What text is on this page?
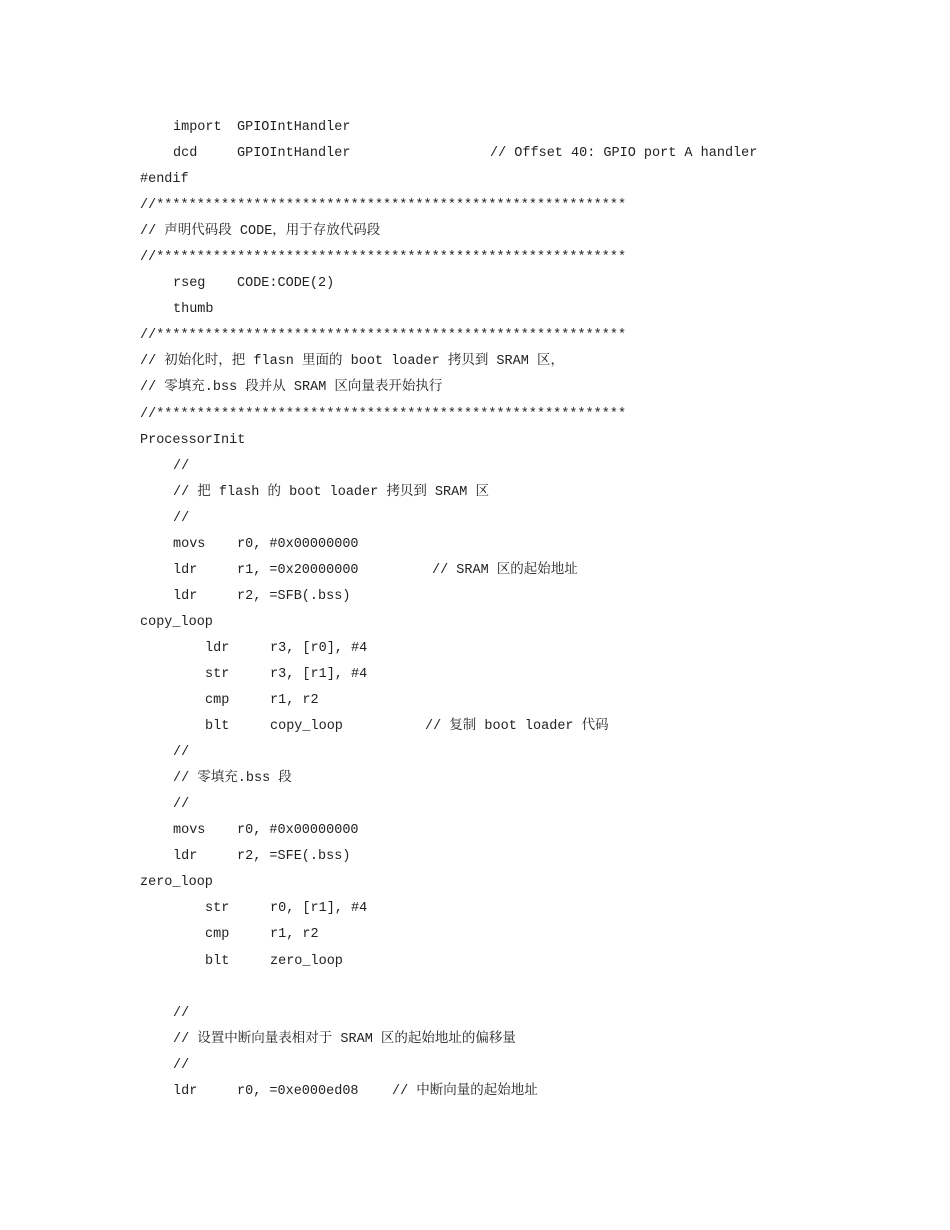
import GPIOIntHandler
dcd	GPIOIntHandler	// Offset 40: GPIO port A handler
#endif
//**********************************************************
// 声明代码段 CODE，用于存放代码段
//**********************************************************
rseg CODE:CODE(2)
thumb
//**********************************************************
// 初始化时，把 flasn 里面的 boot loader 拷贝到 SRAM 区，
// 零填充.bss 段并从 SRAM 区向量表开始执行
//**********************************************************
ProcessorInit
//
// 把 flash 的 boot loader 拷贝到 SRAM 区
//
movs r0, #0x00000000
ldr	r1, =0x20000000	// SRAM 区的起始地址
ldr	r2, =SFB(.bss)
copy_loop
ldr	r3, [r0], #4
str	r3, [r1], #4
cmp	r1, r2
blt	copy_loop	// 复制 boot loader 代码
//
// 零填充.bss 段
//
movs r0, #0x00000000
ldr	r2, =SFE(.bss)
zero_loop
str	r0, [r1], #4
cmp	r1, r2
blt	zero_loop
//
// 设置中断向量表相对于 SRAM 区的起始地址的偏移量
//
ldr	r0, =0xe000ed08 // 中断向量的起始地址
